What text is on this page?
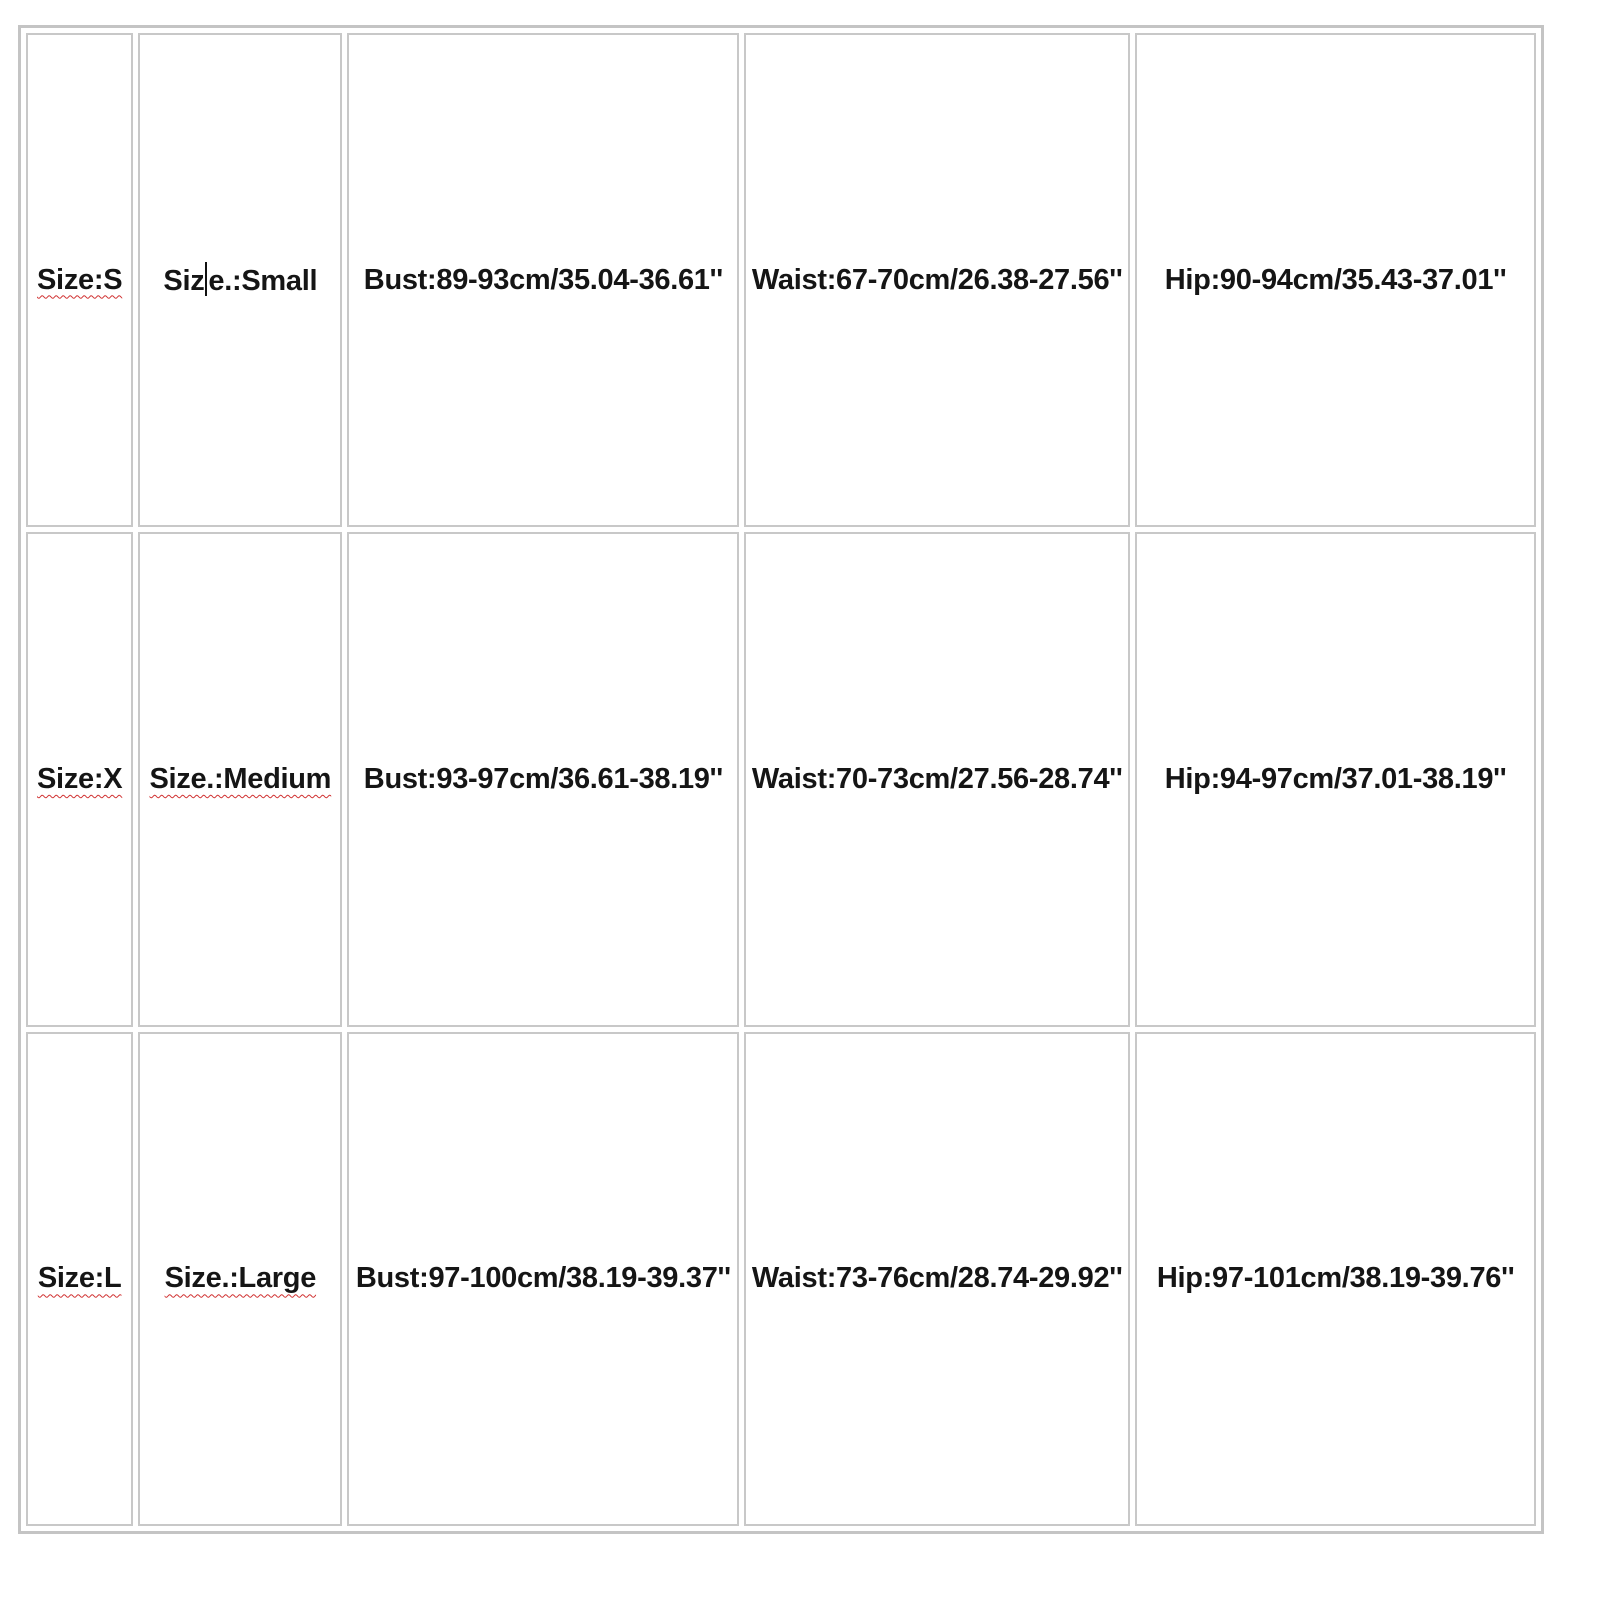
Size:S	Siz e.:Small	Bust:89-93cm/35.04-36.61''	Waist:67-70cm/26.38-27.56''	Hip:90-94cm/35.43-37.01''
Size:X	Size.:Medium	Bust:93-97cm/36.61-38.19''	Waist:70-73cm/27.56-28.74''	Hip:94-97cm/37.01-38.19''
Size:L	Size.:Large	Bust:97-100cm/38.19-39.37''	Waist:73-76cm/28.74-29.92''	Hip:97-101cm/38.19-39.76''
